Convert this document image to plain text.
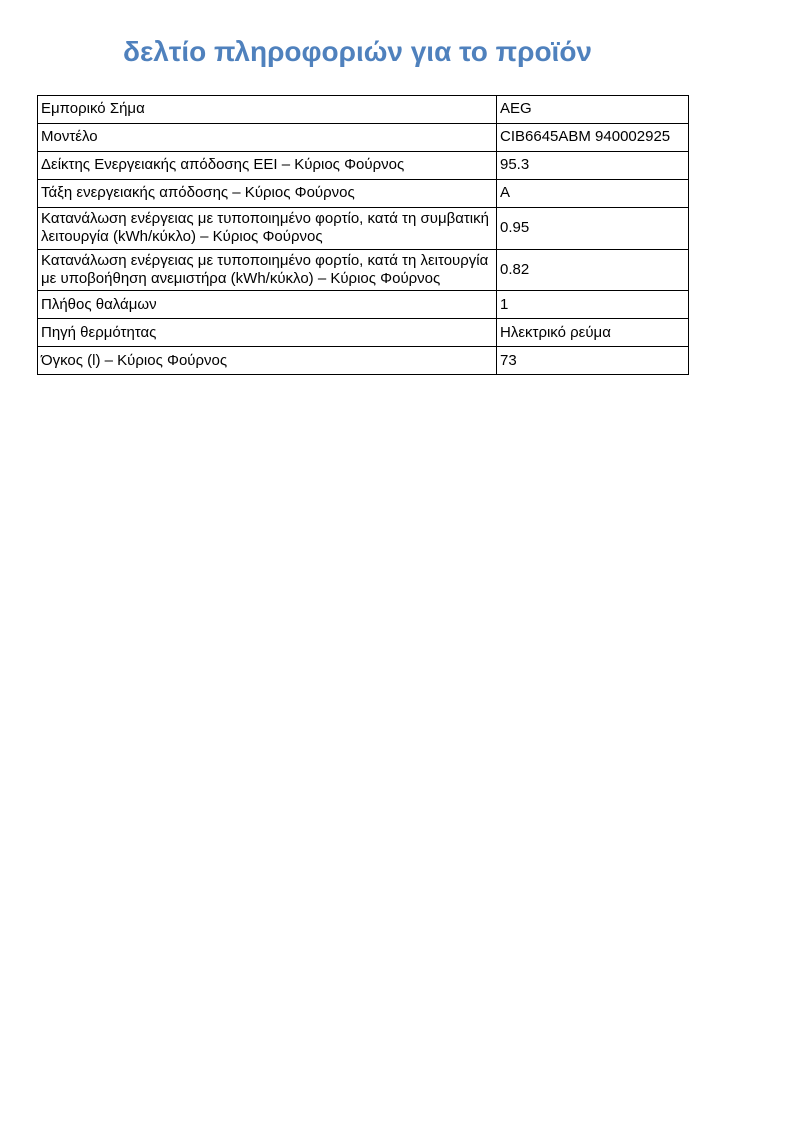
δελτίο πληροφοριών για το προϊόν
Εμπορικό Σήμα	AEG
Μοντέλο	CIB6645ABM 940002925
Δείκτης Ενεργειακής απόδοσης ΕΕΙ – Κύριος Φούρνος	95.3
Τάξη ενεργειακής απόδοσης – Κύριος Φούρνος	A
Κατανάλωση ενέργειας με τυποποιημένο φορτίο, κατά τη συμβατική λειτουργία (kWh/κύκλο) – Κύριος Φούρνος	0.95
Κατανάλωση ενέργειας με τυποποιημένο φορτίο, κατά τη λειτουργία με υποβοήθηση ανεμιστήρα (kWh/κύκλο) – Κύριος Φούρνος	0.82
Πλήθος θαλάμων	1
Πηγή θερμότητας	Ηλεκτρικό ρεύμα
Όγκος (l) – Κύριος Φούρνος	73
